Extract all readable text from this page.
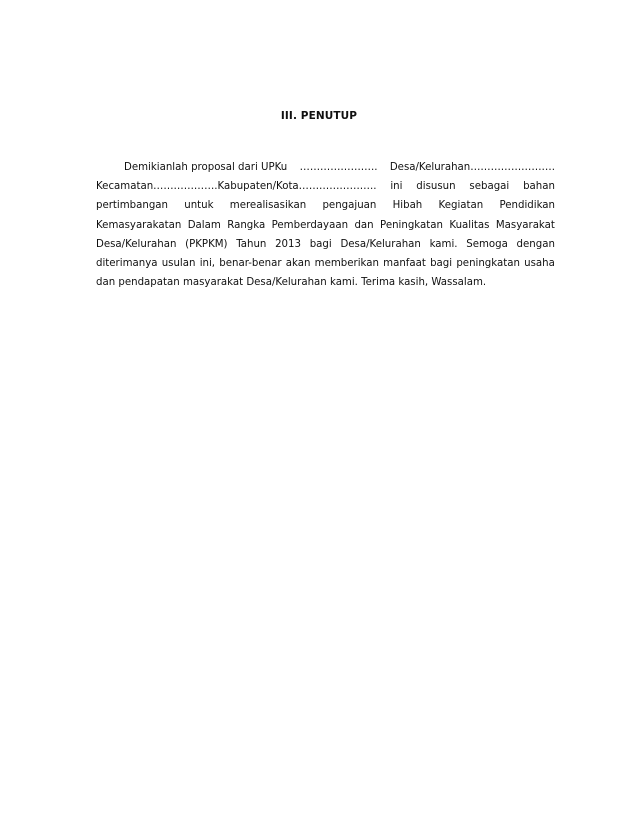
III. PENUTUP
Demikianlah proposal dari UPKu ………………….. Desa/Kelurahan…………………….
Kecamatan……………….Kabupaten/Kota………………….. ini disusun sebagai bahan
pertimbangan untuk merealisasikan pengajuan Hibah Kegiatan Pendidikan
Kemasyarakatan Dalam Rangka Pemberdayaan dan Peningkatan Kualitas Masyarakat
Desa/Kelurahan (PKPKM) Tahun 2013 bagi Desa/Kelurahan kami. Semoga dengan
diterimanya usulan ini, benar-benar akan memberikan manfaat bagi peningkatan usaha
dan pendapatan masyarakat Desa/Kelurahan kami. Terima kasih, Wassalam.
